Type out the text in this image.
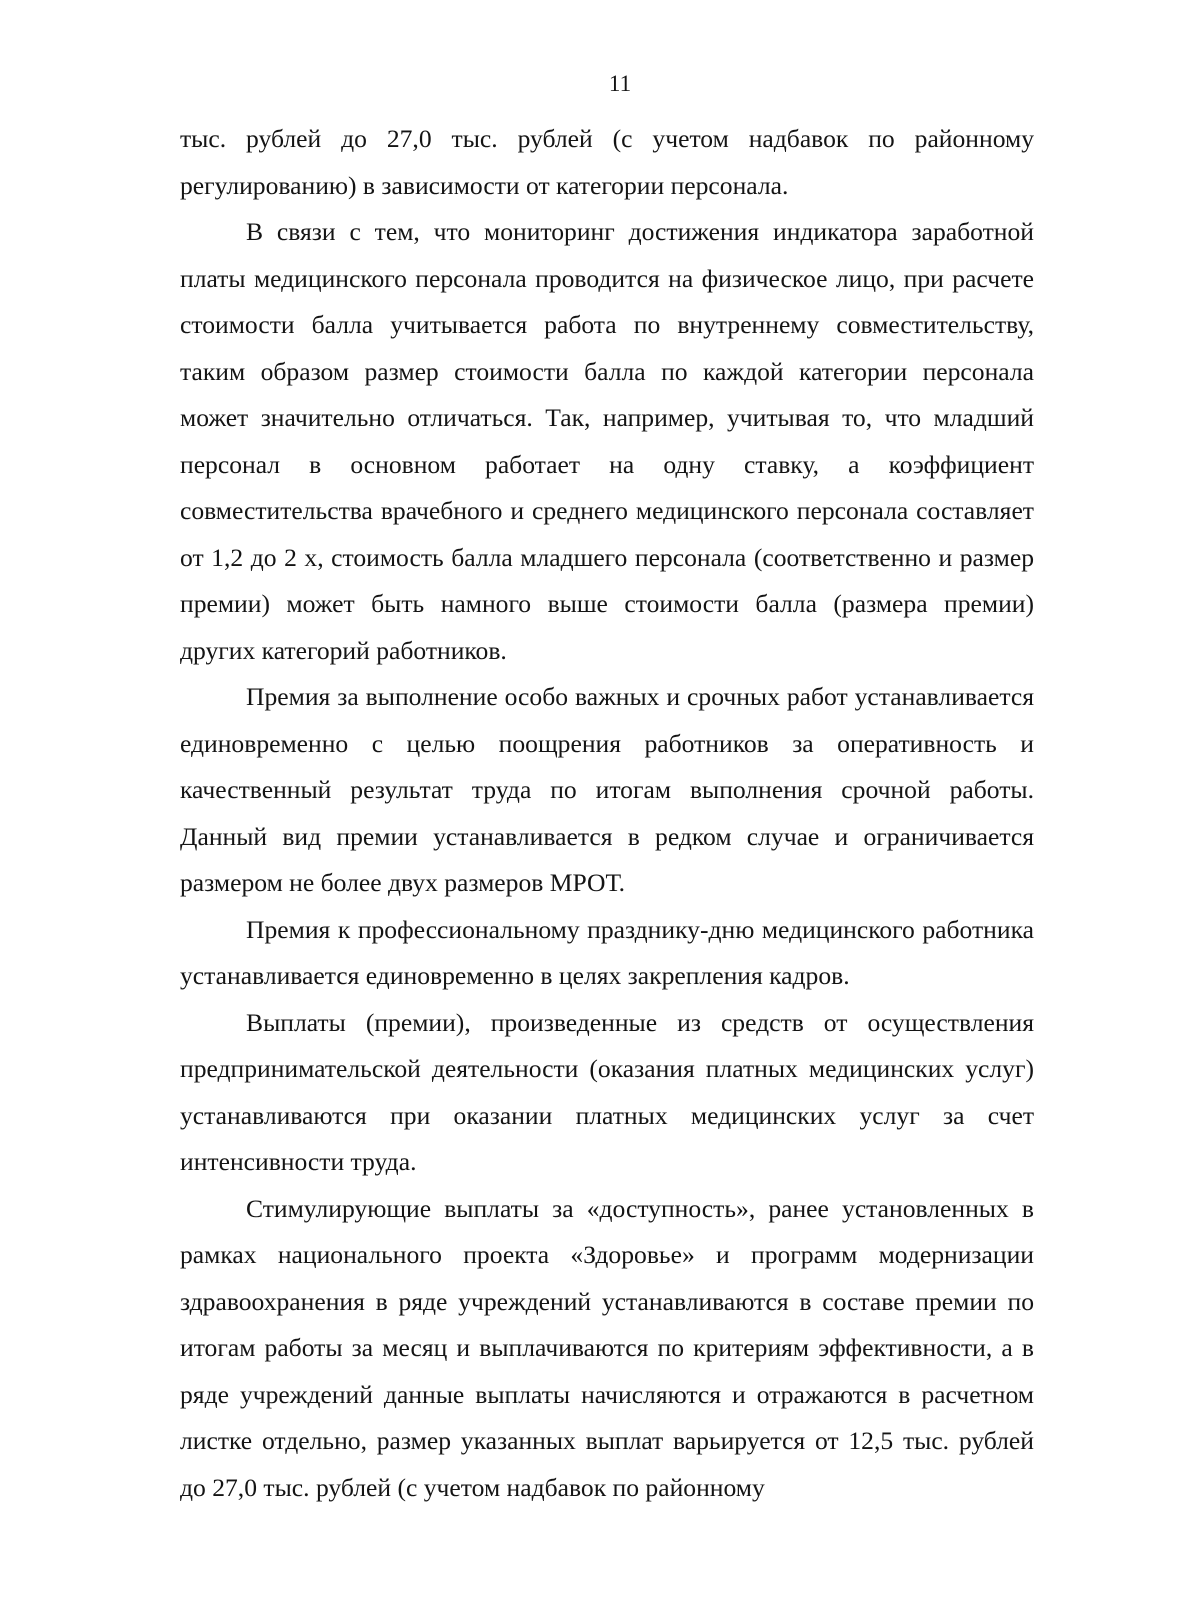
11

тыс. рублей до 27,0 тыс. рублей (с учетом надбавок по районному регулированию) в зависимости от категории персонала.

В связи с тем, что мониторинг достижения индикатора заработной платы медицинского персонала проводится на физическое лицо, при расчете стоимости балла учитывается работа по внутреннему совместительству, таким образом размер стоимости балла по каждой категории персонала может значительно отличаться. Так, например, учитывая то, что младший персонал в основном работает на одну ставку, а коэффициент совместительства врачебного и среднего медицинского персонала составляет от 1,2 до 2 х, стоимость балла младшего персонала (соответственно и размер премии) может быть намного выше стоимости балла (размера премии) других категорий работников.

Премия за выполнение особо важных и срочных работ устанавливается единовременно с целью поощрения работников за оперативность и качественный результат труда по итогам выполнения срочной работы. Данный вид премии устанавливается в редком случае и ограничивается размером не более двух размеров МРОТ.

Премия к профессиональному празднику-дню медицинского работника устанавливается единовременно в целях закрепления кадров.

Выплаты (премии), произведенные из средств от осуществления предпринимательской деятельности (оказания платных медицинских услуг) устанавливаются при оказании платных медицинских услуг за счет интенсивности труда.

Стимулирующие выплаты за «доступность», ранее установленных в рамках национального проекта «Здоровье» и программ модернизации здравоохранения в ряде учреждений устанавливаются в составе премии по итогам работы за месяц и выплачиваются по критериям эффективности, а в ряде учреждений данные выплаты начисляются и отражаются в расчетном листке отдельно, размер указанных выплат варьируется от 12,5 тыс. рублей до 27,0 тыс. рублей (с учетом надбавок по районному
